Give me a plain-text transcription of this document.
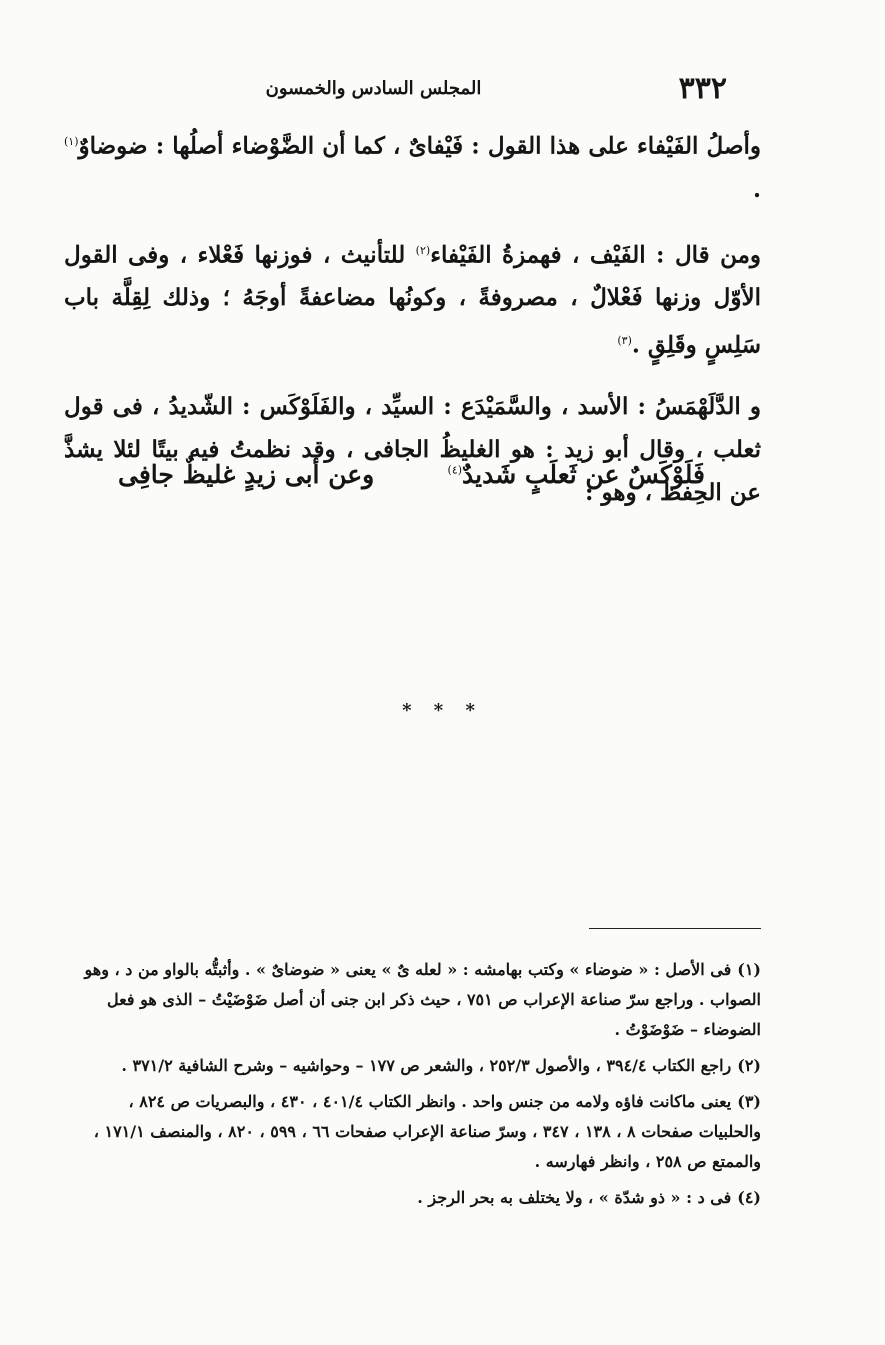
٣٣٢
المجلس السادس والخمسون

وأصلُ الفَيْفاء على هذا القول : فَيْفاىٌ ، كما أن الضَّوْضاء أصلُها : ضوضاوٌ$^{(١)}$ .

ومن قال : الفَيْف ، فهمزةُ الفَيْفاء$^{(٢)}$ للتأنيث ، فوزنها فَعْلاء ، وفى القول الأوّل وزنها فَعْلالٌ ، مصروفةً ، وكونُها مضاعفةً أوجَهُ ؛ وذلك لِقِلَّة باب سَلِسٍ وقَلِقٍ .$^{(٣)}$

و الدَّلَهْمَسُ : الأسد ، والسَّمَيْدَع : السيِّد ، والفَلَوْكَس : الشّديدُ ، فى قول ثعلب ، وقال أبو زيد : هو الغليظُ الجافى ، وقد نظمتُ فيه بيتًا لئلا يشذَّ عن الحِفظ ، وهو :

فَلَوْكَسٌ عن ثَعلَبٍ شَديدٌ$^{(٤)}$
وعن أبى زيدٍ غليظٌ جافِى
* * *

(١)فى الأصل : « ضوضاء » وكتب بهامشه : « لعله ىٌ » يعنى « ضوضاىٌ » . وأثبتُّه بالواو من د ، وهو الصواب . وراجع سرّ صناعة الإعراب ص ٧٥١ ، حيث ذكر ابن جنى أن أصل ضَوْضَيْتُ – الذى هو فعل الضوضاء – ضَوْضَوْتُ .

(٢)راجع الكتاب ٣٩٤/٤ ، والأصول ٢٥٢/٣ ، والشعر ص ١٧٧ – وحواشيه – وشرح الشافية ٣٧١/٢ .

(٣)يعنى ماكانت فاؤه ولامه من جنس واحد . وانظر الكتاب ٤٠١/٤ ، ٤٣٠ ، والبصريات ص ٨٢٤ ، والحلبيات صفحات ٨ ، ١٣٨ ، ٣٤٧ ، وسرّ صناعة الإعراب صفحات ٦٦ ، ٥٩٩ ، ٨٢٠ ، والمنصف ١٧١/١ ، والممتع ص ٢٥٨ ، وانظر فهارسه .

(٤)فى د : « ذو شدّة » ، ولا يختلف به بحر الرجز .
